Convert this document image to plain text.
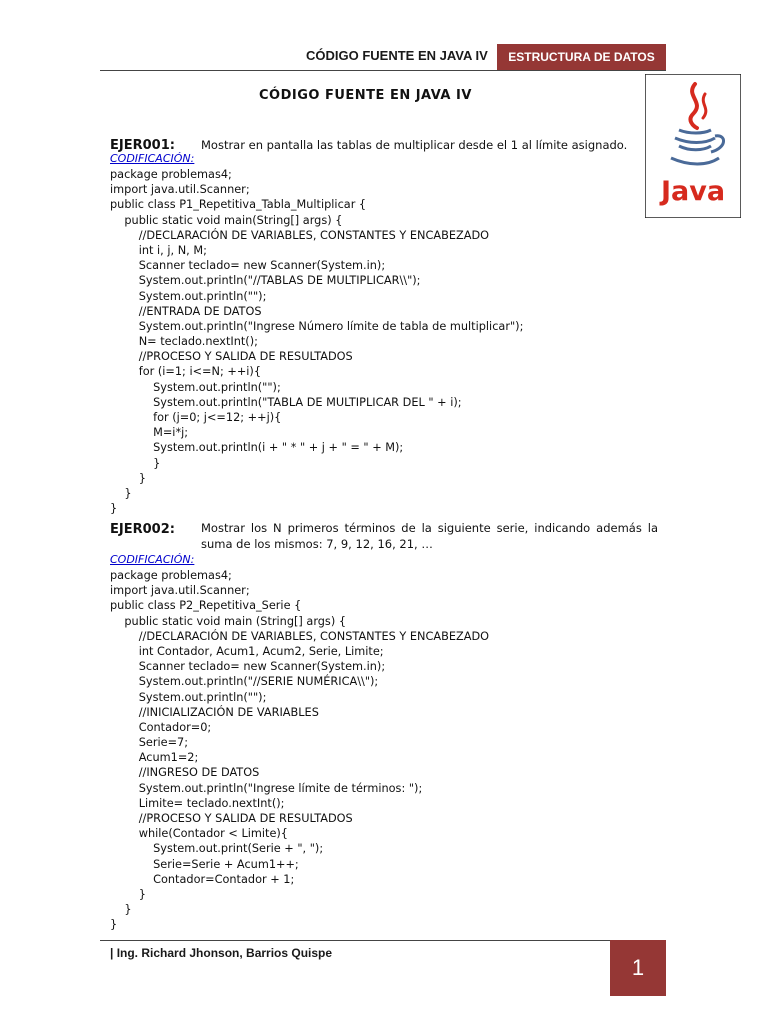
CÓDIGO FUENTE EN JAVA IV	ESTRUCTURA DE DATOS
Java
CÓDIGO FUENTE EN JAVA IV
EJER001: Mostrar en pantalla las tablas de multiplicar desde el 1 al límite asignado.
CODIFICACIÓN:
package problemas4;
import java.util.Scanner;
public class P1_Repetitiva_Tabla_Multiplicar {
public static void main(String[] args) {
//DECLARACIÓN DE VARIABLES, CONSTANTES Y ENCABEZADO
int i, j, N, M;
Scanner teclado= new Scanner(System.in);
System.out.println("//TABLAS DE MULTIPLICAR\\");
System.out.println("");
//ENTRADA DE DATOS
System.out.println("Ingrese Número límite de tabla de multiplicar");
N= teclado.nextInt();
//PROCESO Y SALIDA DE RESULTADOS
for (i=1; i<=N; ++i){
System.out.println("");
System.out.println("TABLA DE MULTIPLICAR DEL " + i);
for (j=0; j<=12; ++j){
M=i*j;
System.out.println(i + " * " + j + " = " + M);
}
}
}
}
EJER002: Mostrar los N primeros términos de la siguiente serie, indicando además la suma de los mismos: 7, 9, 12, 16, 21, …
CODIFICACIÓN:
package problemas4;
import java.util.Scanner;
public class P2_Repetitiva_Serie {
public static void main (String[] args) {
//DECLARACIÓN DE VARIABLES, CONSTANTES Y ENCABEZADO
int Contador, Acum1, Acum2, Serie, Limite;
Scanner teclado= new Scanner(System.in);
System.out.println("//SERIE NUMÉRICA\\");
System.out.println("");
//INICIALIZACIÓN DE VARIABLES
Contador=0;
Serie=7;
Acum1=2;
//INGRESO DE DATOS
System.out.println("Ingrese límite de términos: ");
Limite= teclado.nextInt();
//PROCESO Y SALIDA DE RESULTADOS
while(Contador < Limite){
System.out.print(Serie + ", ");
Serie=Serie + Acum1++;
Contador=Contador + 1;
}
}
}
| Ing. Richard Jhonson, Barrios Quispe
1
